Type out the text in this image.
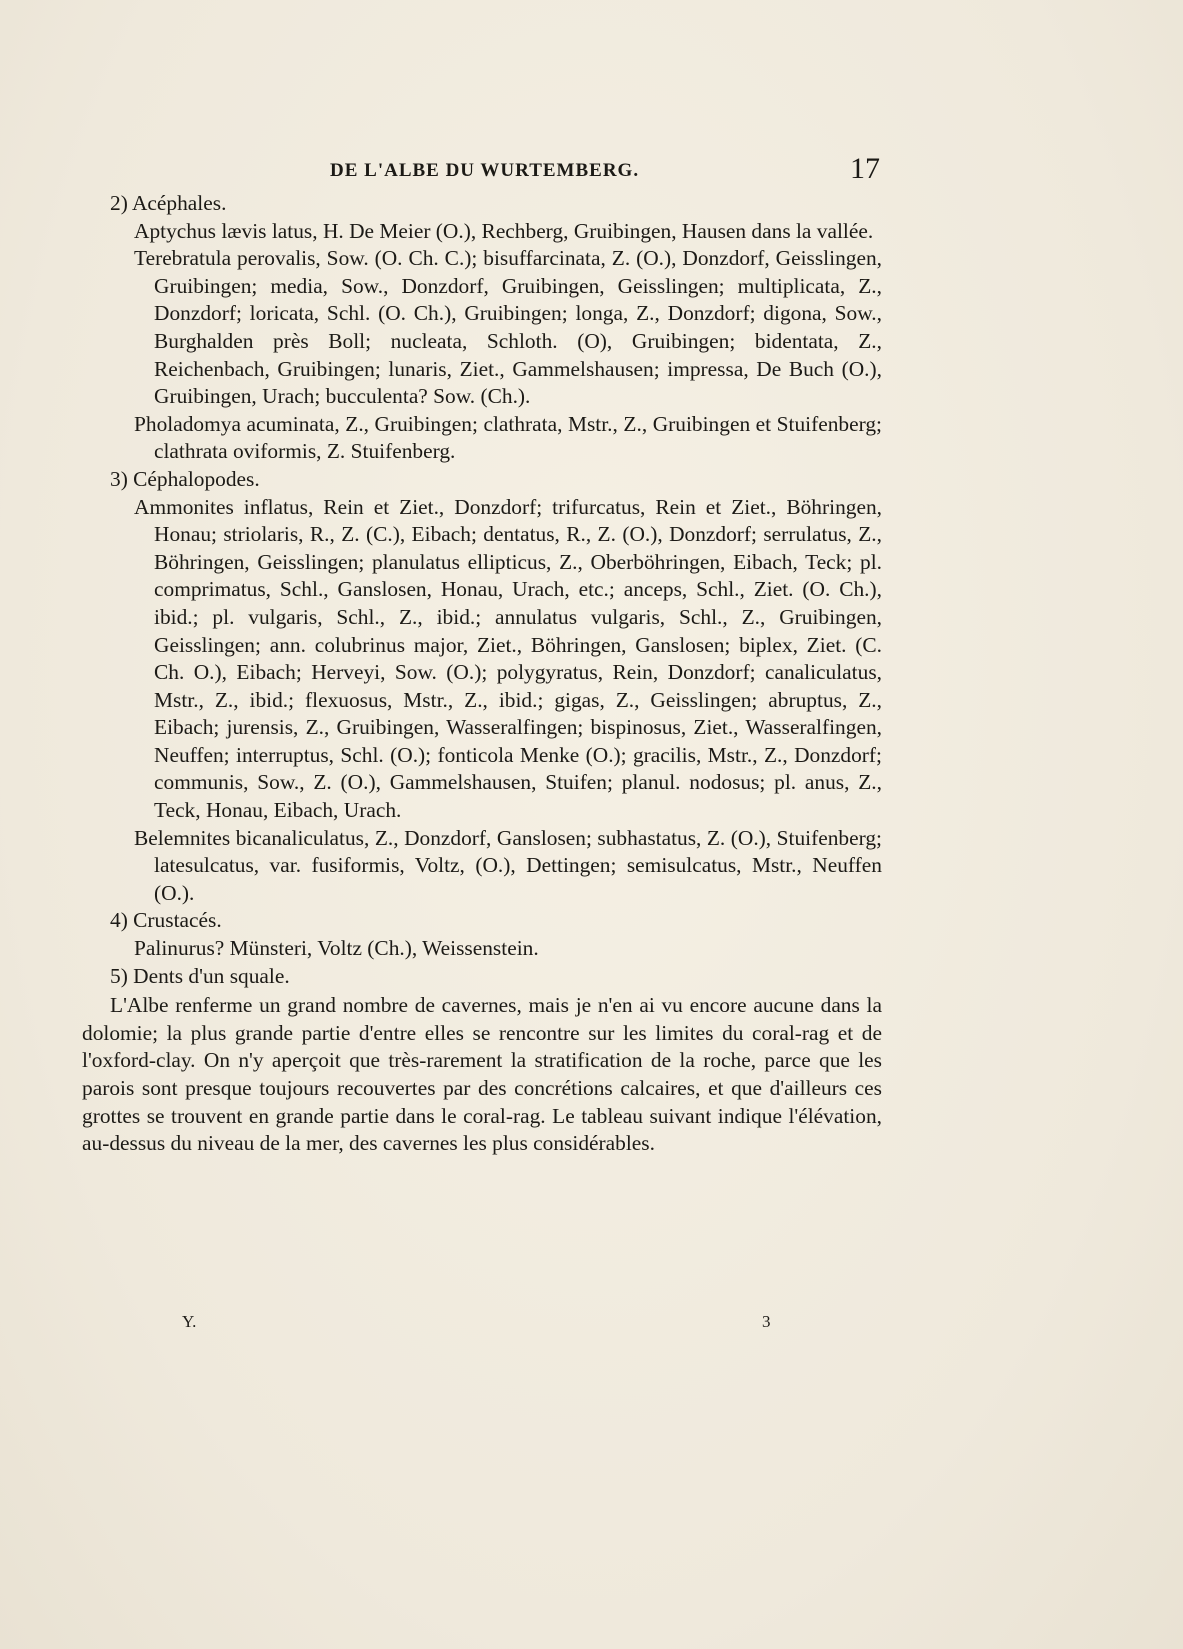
DE L'ALBE DU WURTEMBERG.	17
2) Acéphales.
Aptychus lævis latus, H. De Meier (O.), Rechberg, Gruibingen, Hausen dans la vallée.
Terebratula perovalis, Sow. (O. Ch. C.); bisuffarcinata, Z. (O.), Donzdorf, Geisslingen, Gruibingen; media, Sow., Donzdorf, Gruibingen, Geisslingen; multiplicata, Z., Donzdorf; loricata, Schl. (O. Ch.), Gruibingen; longa, Z., Donzdorf; digona, Sow., Burghalden près Boll; nucleata, Schloth. (O), Gruibingen; bidentata, Z., Reichenbach, Gruibingen; lunaris, Ziet., Gammelshausen; impressa, De Buch (O.), Gruibingen, Urach; bucculenta? Sow. (Ch.).
Pholadomya acuminata, Z., Gruibingen; clathrata, Mstr., Z., Gruibingen et Stuifenberg; clathrata oviformis, Z. Stuifenberg.
3) Céphalopodes.
Ammonites inflatus, Rein et Ziet., Donzdorf; trifurcatus, Rein et Ziet., Böhringen, Honau; striolaris, R., Z. (C.), Eibach; dentatus, R., Z. (O.), Donzdorf; serrulatus, Z., Böhringen, Geisslingen; planulatus ellipticus, Z., Oberböhringen, Eibach, Teck; pl. comprimatus, Schl., Ganslosen, Honau, Urach, etc.; anceps, Schl., Ziet. (O. Ch.), ibid.; pl. vulgaris, Schl., Z., ibid.; annulatus vulgaris, Schl., Z., Gruibingen, Geisslingen; ann. colubrinus major, Ziet., Böhringen, Ganslosen; biplex, Ziet. (C. Ch. O.), Eibach; Herveyi, Sow. (O.); polygyratus, Rein, Donzdorf; canaliculatus, Mstr., Z., ibid.; flexuosus, Mstr., Z., ibid.; gigas, Z., Geisslingen; abruptus, Z., Eibach; jurensis, Z., Gruibingen, Wasseralfingen; bispinosus, Ziet., Wasseralfingen, Neuffen; interruptus, Schl. (O.); fonticola Menke (O.); gracilis, Mstr., Z., Donzdorf; communis, Sow., Z. (O.), Gammelshausen, Stuifen; planul. nodosus; pl. anus, Z., Teck, Honau, Eibach, Urach.
Belemnites bicanaliculatus, Z., Donzdorf, Ganslosen; subhastatus, Z. (O.), Stuifenberg; latesulcatus, var. fusiformis, Voltz, (O.), Dettingen; semisulcatus, Mstr., Neuffen (O.).
4) Crustacés.
Palinurus? Münsteri, Voltz (Ch.), Weissenstein.
5) Dents d'un squale.
L'Albe renferme un grand nombre de cavernes, mais je n'en ai vu encore aucune dans la dolomie; la plus grande partie d'entre elles se rencontre sur les limites du coral-rag et de l'oxford-clay. On n'y aperçoit que très-rarement la stratification de la roche, parce que les parois sont presque toujours recouvertes par des concrétions calcaires, et que d'ailleurs ces grottes se trouvent en grande partie dans le coral-rag. Le tableau suivant indique l'élévation, au-dessus du niveau de la mer, des cavernes les plus considérables.
Y.	3
